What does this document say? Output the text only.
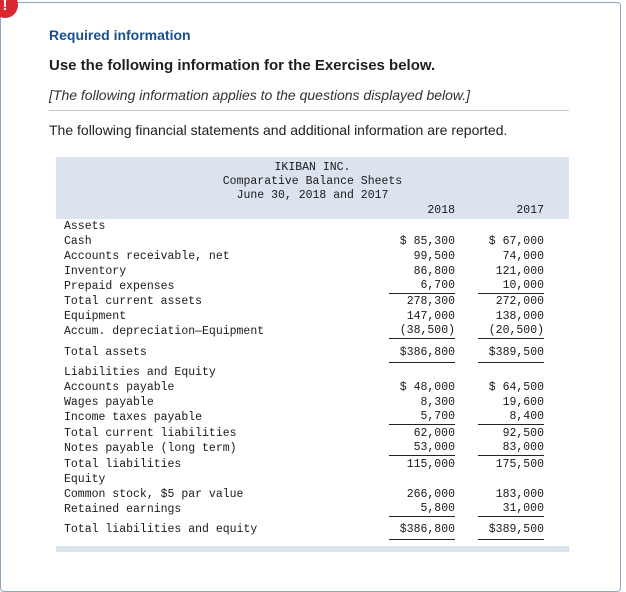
!
Required information
Use the following information for the Exercises below.
[The following information applies to the questions displayed below.]
The following financial statements and additional information are reported.
IKIBAN INC.
Comparative Balance Sheets
June 30, 2018 and 2017
2018	2017
Assets
Cash	$ 85,300	$ 67,000
Accounts receivable, net	99,500	74,000
Inventory	86,800	121,000
Prepaid expenses	6,700	10,000
Total current assets	278,300	272,000
Equipment	147,000	138,000
Accum. depreciation—Equipment	(38,500)	(20,500)
Total assets	$386,800	$389,500
Liabilities and Equity
Accounts payable	$ 48,000	$ 64,500
Wages payable	8,300	19,600
Income taxes payable	5,700	8,400
Total current liabilities	62,000	92,500
Notes payable (long term)	53,000	83,000
Total liabilities	115,000	175,500
Equity
Common stock, $5 par value	266,000	183,000
Retained earnings	5,800	31,000
Total liabilities and equity	$386,800	$389,500
